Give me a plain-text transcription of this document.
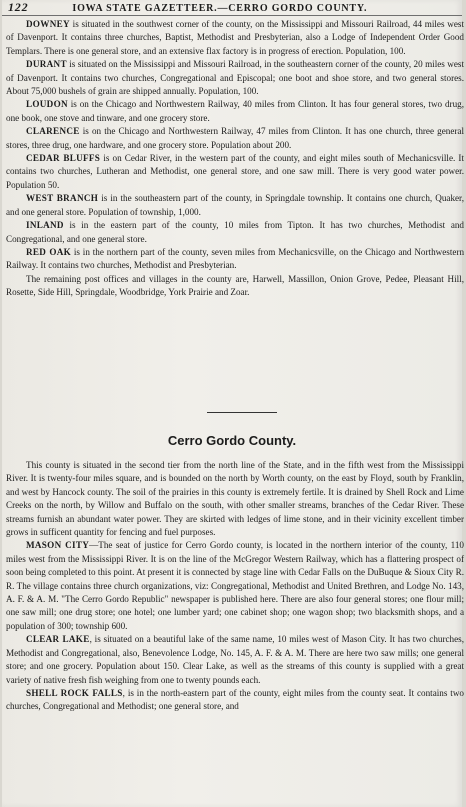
122	IOWA STATE GAZETTEER.—CERRO GORDO COUNTY.

DOWNEY is situated in the southwest corner of the county, on the Mississippi and Missouri Railroad, 44 miles west of Davenport. It contains three churches, Baptist, Methodist and Presbyterian, also a Lodge of Independent Order Good Templars. There is one general store, and an extensive flax factory is in progress of erection. Population, 100.

DURANT is situated on the Mississippi and Missouri Railroad, in the southeastern corner of the county, 20 miles west of Davenport. It contains two churches, Congregational and Episcopal; one boot and shoe store, and two general stores. About 75,000 bushels of grain are shipped annually. Population, 100.

LOUDON is on the Chicago and Northwestern Railway, 40 miles from Clinton. It has four general stores, two drug, one book, one stove and tinware, and one grocery store.

CLARENCE is on the Chicago and Northwestern Railway, 47 miles from Clinton. It has one church, three general stores, three drug, one hardware, and one grocery store. Population about 200.

CEDAR BLUFFS is on Cedar River, in the western part of the county, and eight miles south of Mechanicsville. It contains two churches, Lutheran and Methodist, one general store, and one saw mill. There is very good water power. Population 50.

WEST BRANCH is in the southeastern part of the county, in Springdale township. It contains one church, Quaker, and one general store. Population of township, 1,000.

INLAND is in the eastern part of the county, 10 miles from Tipton. It has two churches, Methodist and Congregational, and one general store.

RED OAK is in the northern part of the county, seven miles from Mechanicsville, on the Chicago and Northwestern Railway. It contains two churches, Methodist and Presbyterian.

The remaining post offices and villages in the county are, Harwell, Massillon, Onion Grove, Pedee, Pleasant Hill, Rosette, Side Hill, Springdale, Woodbridge, York Prairie and Zoar.

Cerro Gordo County.

This county is situated in the second tier from the north line of the State, and in the fifth west from the Mississippi River. It is twenty-four miles square, and is bounded on the north by Worth county, on the east by Floyd, south by Franklin, and west by Hancock county. The soil of the prairies in this county is extremely fertile. It is drained by Shell Rock and Lime Creeks on the north, by Willow and Buffalo on the south, with other smaller streams, branches of the Cedar River. These streams furnish an abundant water power. They are skirted with ledges of lime stone, and in their vicinity excellent timber grows in sufficent quantity for fencing and fuel purposes.

MASON CITY—The seat of justice for Cerro Gordo county, is located in the northern interior of the county, 110 miles west from the Mississippi River. It is on the line of the McGregor Western Railway, which has a flattering prospect of soon being completed to this point. At present it is connected by stage line with Cedar Falls on the DuBuque & Sioux City R. R. The village contains three church organizations, viz: Congregational, Methodist and United Brethren, and Lodge No. 143, A. F. & A. M. "The Cerro Gordo Republic" newspaper is published here. There are also four general stores; one flour mill; one saw mill; one drug store; one hotel; one lumber yard; one cabinet shop; one wagon shop; two blacksmith shops, and a population of 300; township 600.

CLEAR LAKE, is situated on a beautiful lake of the same name, 10 miles west of Mason City. It has two churches, Methodist and Congregational, also, Benevolence Lodge, No. 145, A. F. & A. M. There are here two saw mills; one general store; and one grocery. Population about 150. Clear Lake, as well as the streams of this county is supplied with a great variety of native fresh fish weighing from one to twenty pounds each.

SHELL ROCK FALLS, is in the north-eastern part of the county, eight miles from the county seat. It contains two churches, Congregational and Methodist; one general store, and
